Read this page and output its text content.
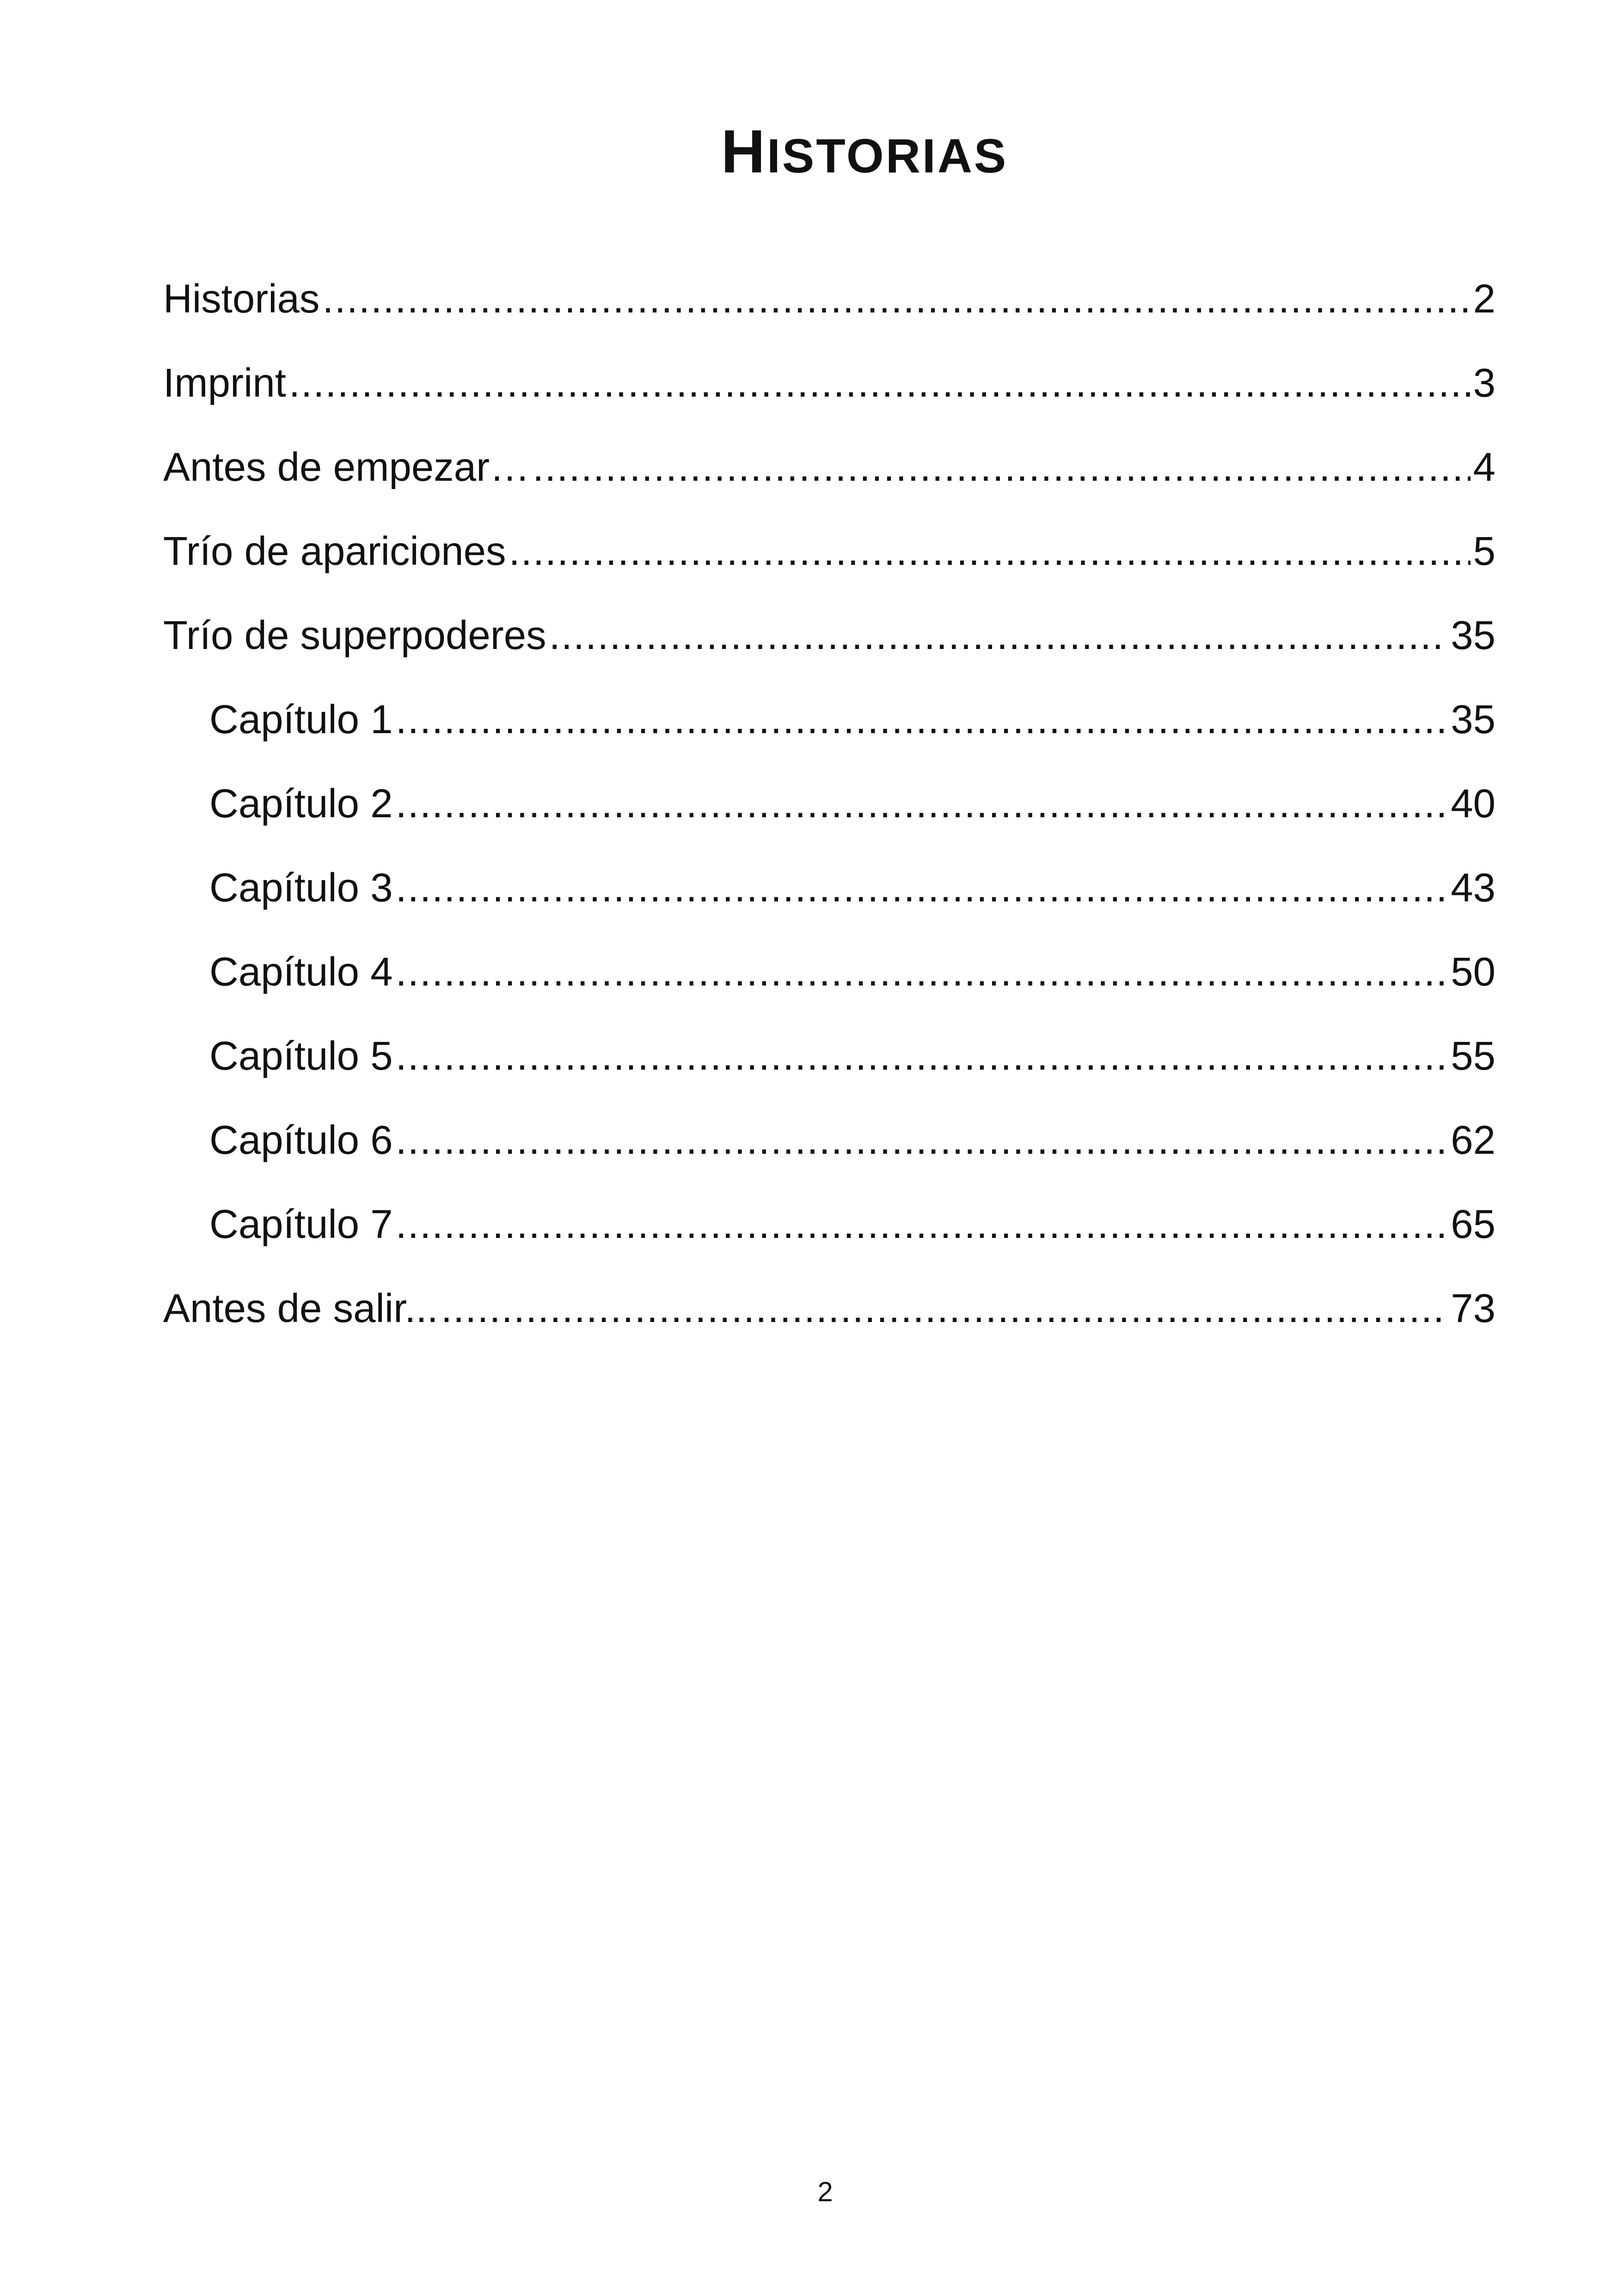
HISTORIAS
Historias .....	2
Imprint .....	3
Antes de empezar… .....	4
Trío de apariciones .....	5
Trío de superpoderes .....	35
Capítulo 1 .....	35
Capítulo 2 .....	40
Capítulo 3 .....	43
Capítulo 4 .....	50
Capítulo 5 .....	55
Capítulo 6 .....	62
Capítulo 7 .....	65
Antes de salir... .....	73
2
